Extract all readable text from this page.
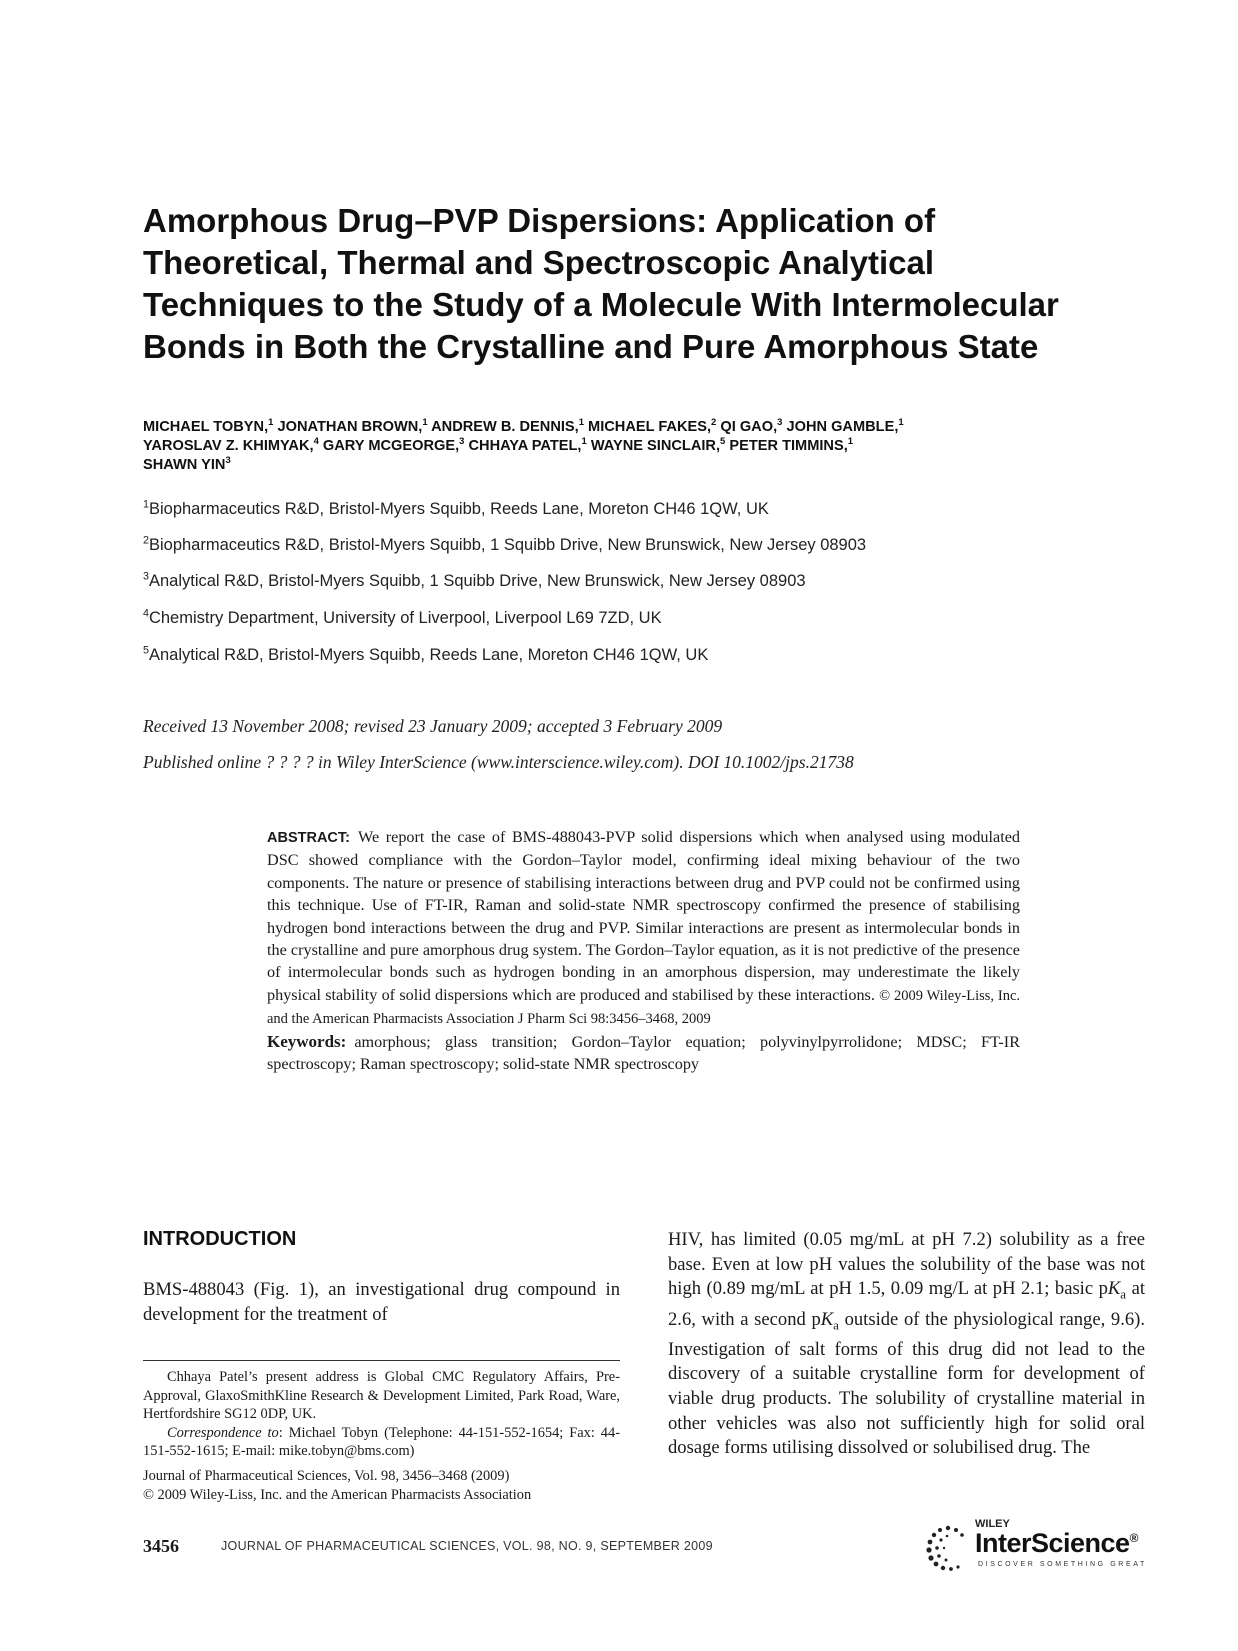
Amorphous Drug–PVP Dispersions: Application of
Theoretical, Thermal and Spectroscopic Analytical
Techniques to the Study of a Molecule With Intermolecular
Bonds in Both the Crystalline and Pure Amorphous State
MICHAEL TOBYN,$^1$ JONATHAN BROWN,$^1$ ANDREW B. DENNIS,$^1$ MICHAEL FAKES,$^2$ QI GAO,$^3$ JOHN GAMBLE,$^1$
YAROSLAV Z. KHIMYAK,$^4$ GARY MCGEORGE,$^3$ CHHAYA PATEL,$^1$ WAYNE SINCLAIR,$^5$ PETER TIMMINS,$^1$
SHAWN YIN$^3$
$^1$Biopharmaceutics R&D, Bristol-Myers Squibb, Reeds Lane, Moreton CH46 1QW, UK
$^2$Biopharmaceutics R&D, Bristol-Myers Squibb, 1 Squibb Drive, New Brunswick, New Jersey 08903
$^3$Analytical R&D, Bristol-Myers Squibb, 1 Squibb Drive, New Brunswick, New Jersey 08903
$^4$Chemistry Department, University of Liverpool, Liverpool L69 7ZD, UK
$^5$Analytical R&D, Bristol-Myers Squibb, Reeds Lane, Moreton CH46 1QW, UK
Received 13 November 2008; revised 23 January 2009; accepted 3 February 2009
Published online ? ? ? ? in Wiley InterScience (www.interscience.wiley.com). DOI 10.1002/jps.21738
ABSTRACT: We report the case of BMS-488043-PVP solid dispersions which when analysed using modulated DSC showed compliance with the Gordon–Taylor model, confirming ideal mixing behaviour of the two components. The nature or presence of stabilising interactions between drug and PVP could not be confirmed using this technique. Use of FT-IR, Raman and solid-state NMR spectroscopy confirmed the presence of stabilising hydrogen bond interactions between the drug and PVP. Similar interactions are present as intermolecular bonds in the crystalline and pure amorphous drug system. The Gordon–Taylor equation, as it is not predictive of the presence of intermolecular bonds such as hydrogen bonding in an amorphous dispersion, may underestimate the likely physical stability of solid dispersions which are produced and stabilised by these interactions. © 2009 Wiley-Liss, Inc. and the American Pharmacists Association J Pharm Sci 98:3456–3468, 2009
Keywords: amorphous; glass transition; Gordon–Taylor equation; polyvinylpyrrolidone; MDSC; FT-IR spectroscopy; Raman spectroscopy; solid-state NMR spectroscopy
INTRODUCTION
BMS-488043 (Fig. 1), an investigational drug compound in development for the treatment of

Chhaya Patel’s present address is Global CMC Regulatory Affairs, Pre-Approval, GlaxoSmithKline Research & Development Limited, Park Road, Ware, Hertfordshire SG12 0DP, UK.

Correspondence to: Michael Tobyn (Telephone: 44-151-552-1654; Fax: 44-151-552-1615; E-mail: mike.tobyn@bms.com)

Journal of Pharmaceutical Sciences, Vol. 98, 3456–3468 (2009)
© 2009 Wiley-Liss, Inc. and the American Pharmacists Association

HIV, has limited (0.05 mg/mL at pH 7.2) solubility as a free base. Even at low pH values the solubility of the base was not high (0.89 mg/mL at pH 1.5, 0.09 mg/L at pH 2.1; basic $pK_a$ at 2.6, with a second $pK_a$ outside of the physiological range, 9.6). Investigation of salt forms of this drug did not lead to the discovery of a suitable crystalline form for development of viable drug products. The solubility of crystalline material in other vehicles was also not sufficiently high for solid oral dosage forms utilising dissolved or solubilised drug. The
3456	JOURNAL OF PHARMACEUTICAL SCIENCES, VOL. 98, NO. 9, SEPTEMBER 2009
WILEY
InterScience®
DISCOVER SOMETHING GREAT
